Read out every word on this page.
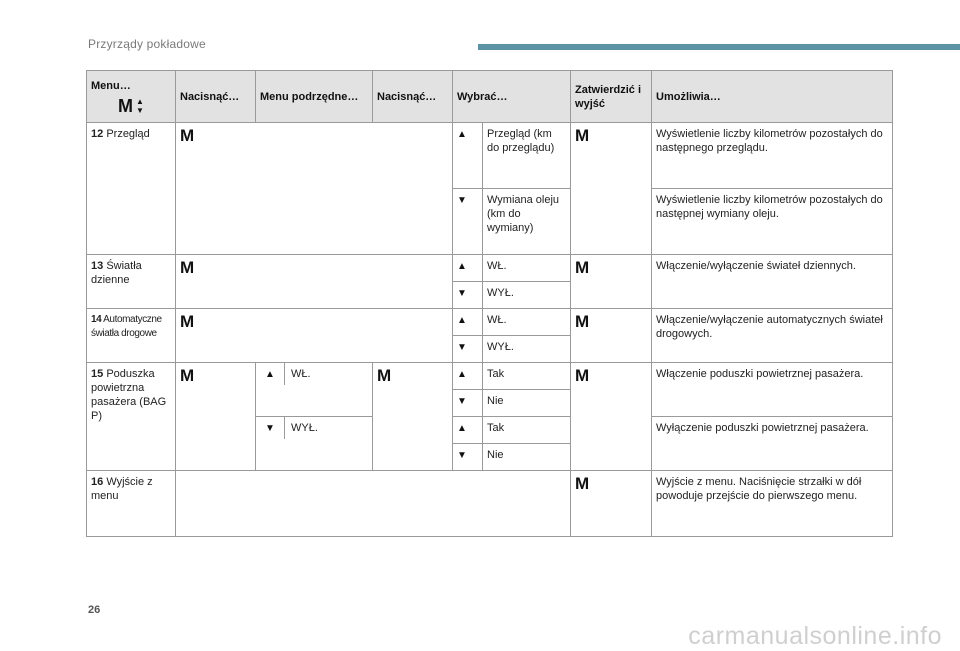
Przyrządy pokładowe
Menu…
M ▲
▼	Nacisnąć…	Menu podrzędne…	Nacisnąć…	Wybrać…		Zatwierdzić i wyjść	Umożliwia…
12 Przegląd	M			▲	Przegląd (km do przeglądu)	M	Wyświetlenie liczby kilometrów pozostałych do następnego przeglądu.
				▼	Wymiana oleju (km do wymiany)		Wyświetlenie liczby kilometrów pozostałych do następnej wymiany oleju.
13 Światła dzienne	M			▲	WŁ.	M	Włączenie/wyłączenie świateł dziennych.
				▼	WYŁ.		
14 Automatyczne światła drogowe	M			▲	WŁ.	M	Włączenie/wyłączenie automatycznych świateł drogowych.
				▼	WYŁ.		
15 Poduszka powietrzna pasażera (BAG P)	M	▲ WŁ.	M	▲	Tak	M	Włączenie poduszki powietrznej pasażera.
				▼	Nie		

		▼ WYŁ.		▲	Tak		Wyłączenie poduszki powietrznej pasażera.
				▼	Nie		
16 Wyjście z menu						M	Wyjście z menu. Naciśnięcie strzałki w dół powoduje przejście do pierwszego menu.
26
carmanualsonline.info
